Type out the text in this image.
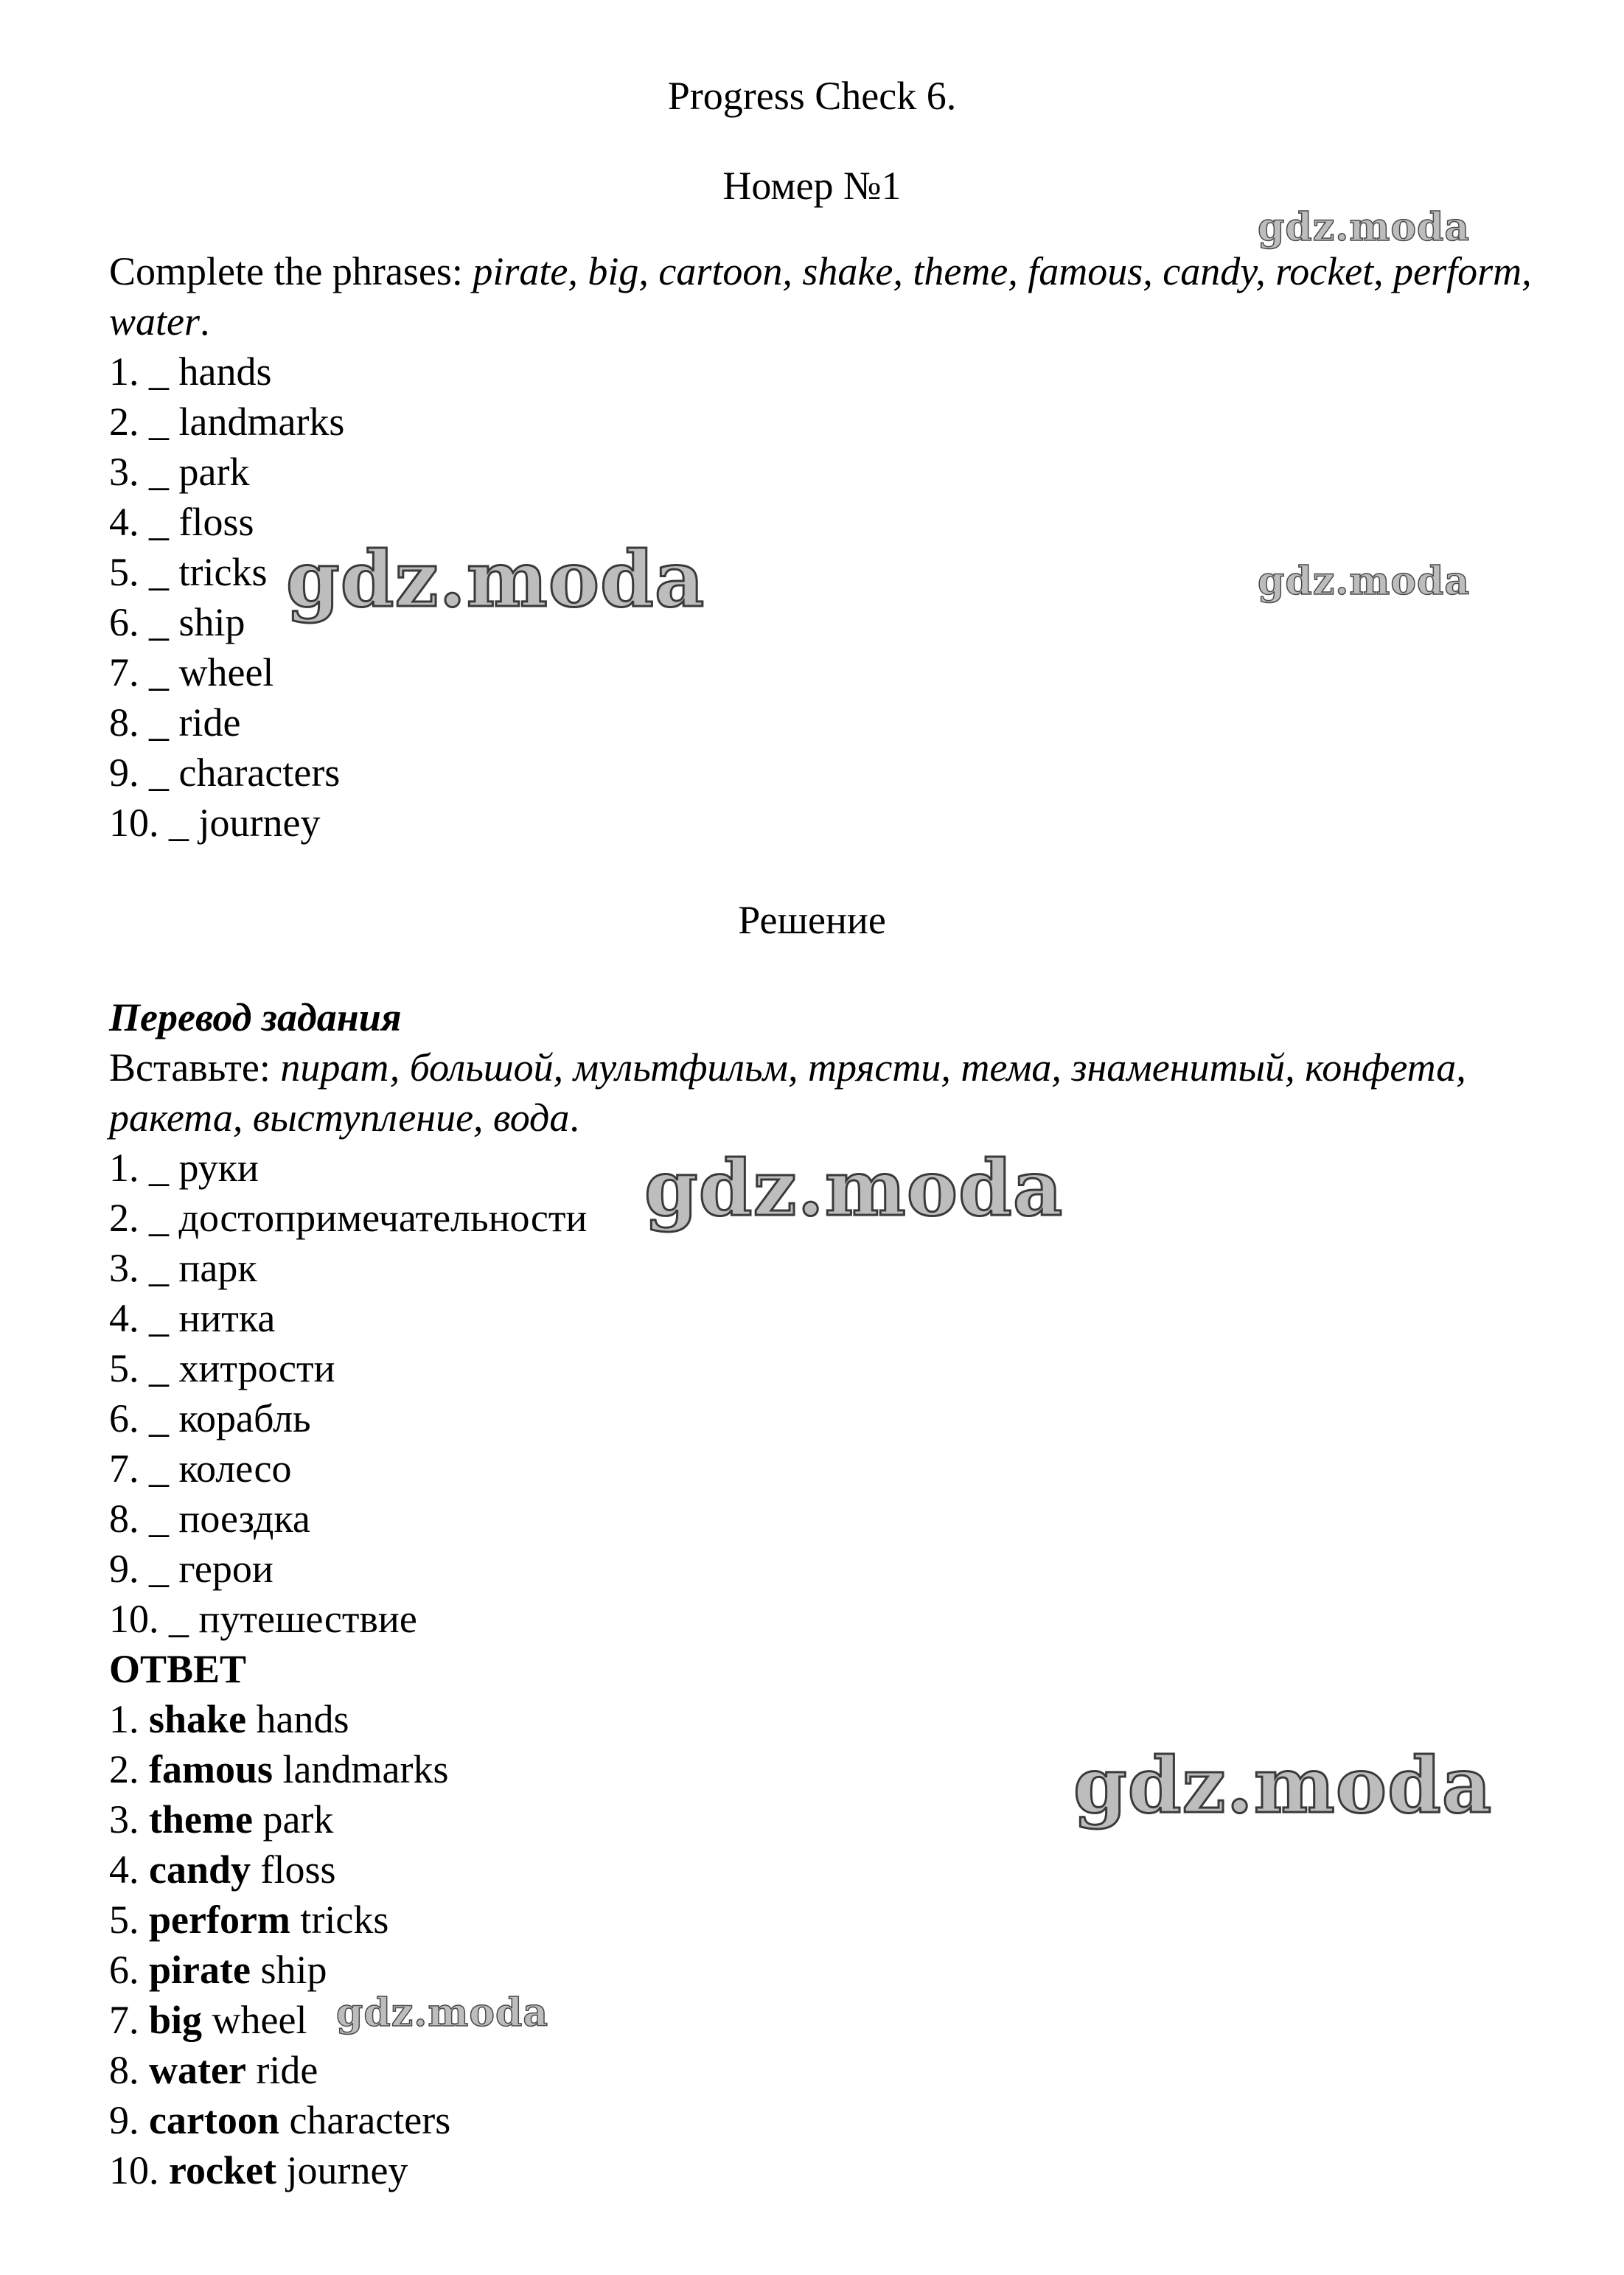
Progress Check 6.
Номер №1
Complete the phrases: pirate, big, cartoon, shake, theme, famous, candy, rocket, perform, water.
1. _ hands
2. _ landmarks
3. _ park
4. _ floss
5. _ tricks
6. _ ship
7. _ wheel
8. _ ride
9. _ characters
10. _ journey
Решение
Перевод задания
Вставьте: пират, большой, мультфильм, трясти, тема, знаменитый, конфета, ракета, выступление, вода.
1. _ руки
2. _ достопримечательности
3. _ парк
4. _ нитка
5. _ хитрости
6. _ корабль
7. _ колесо
8. _ поездка
9. _ герои
10. _ путешествие
ОТВЕТ
1. shake hands
2. famous landmarks
3. theme park
4. candy floss
5. perform tricks
6. pirate ship
7. big wheel
8. water ride
9. cartoon characters
10. rocket journey
gdz.moda
gdz.moda	gdz.moda
gdz.moda
gdz.moda
gdz.moda
